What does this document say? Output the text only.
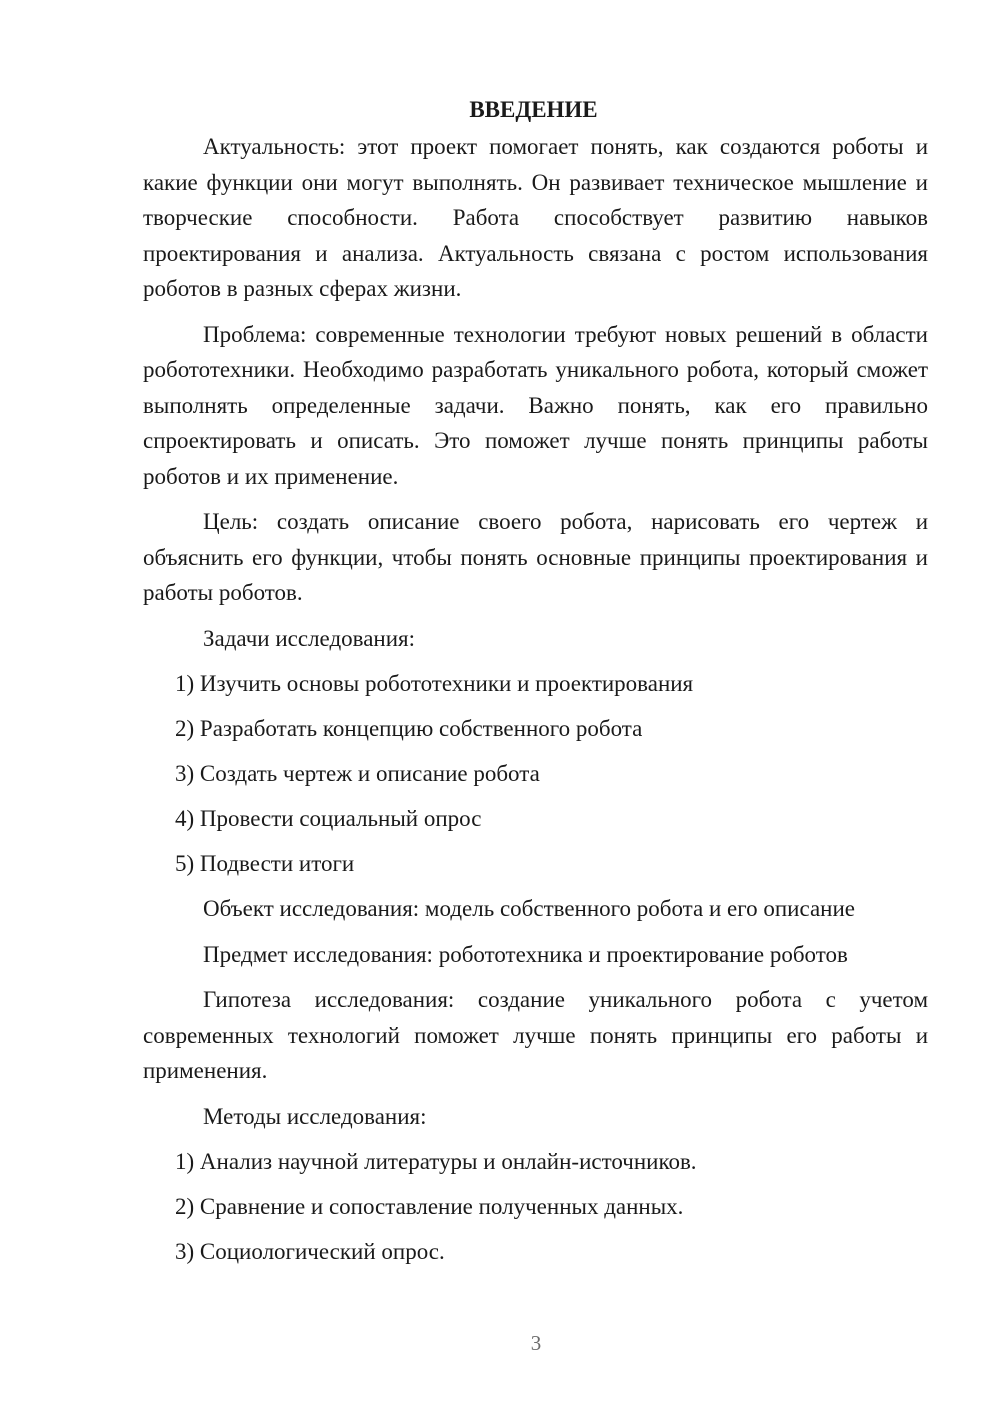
ВВЕДЕНИЕ

Актуальность: этот проект помогает понять, как создаются роботы и какие функции они могут выполнять. Он развивает техническое мышление и творческие способности. Работа способствует развитию навыков проектирования и анализа. Актуальность связана с ростом использования роботов в разных сферах жизни.

Проблема: современные технологии требуют новых решений в области робототехники. Необходимо разработать уникального робота, который сможет выполнять определенные задачи. Важно понять, как его правильно спроектировать и описать. Это поможет лучше понять принципы работы роботов и их применение.

Цель: создать описание своего робота, нарисовать его чертеж и объяснить его функции, чтобы понять основные принципы проектирования и работы роботов.

Задачи исследования:

1) Изучить основы робототехники и проектирования

2) Разработать концепцию собственного робота

3) Создать чертеж и описание робота

4) Провести социальный опрос

5) Подвести итоги

Объект исследования: модель собственного робота и его описание

Предмет исследования: робототехника и проектирование роботов

Гипотеза исследования: создание уникального робота с учетом современных технологий поможет лучше понять принципы его работы и применения.

Методы исследования:

1) Анализ научной литературы и онлайн-источников.

2) Сравнение и сопоставление полученных данных.

3) Социологический опрос.

3
